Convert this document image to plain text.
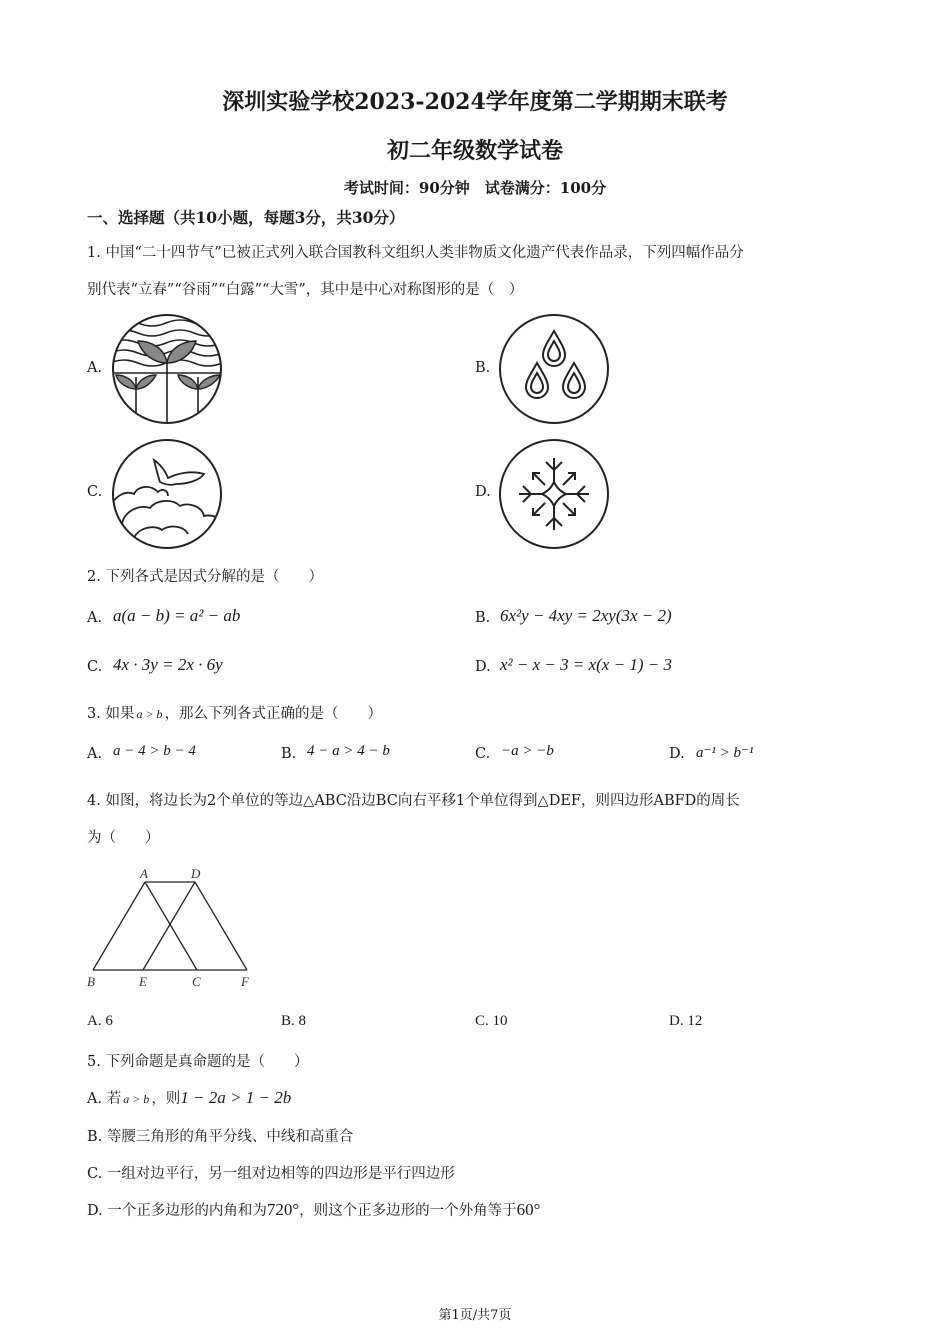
深圳实验学校2023-2024学年度第二学期期末联考
初二年级数学试卷
考试时间：90分钟　试卷满分：100分
一、选择题（共10小题，每题3分，共30分）
1. 中国“二十四节气”已被正式列入联合国教科文组织人类非物质文化遗产代表作品录，下列四幅作品分
别代表“立春”“谷雨”“白露”“大雪”，其中是中心对称图形的是（　）
A.	B.
C.	D.
2. 下列各式是因式分解的是（　　）
A. a(a − b) = a² − ab	B. 6x²y − 4xy = 2xy(3x − 2)
C. 4x · 3y = 2x · 6y	D. x² − x − 3 = x(x − 1) − 3
3. 如果 a > b ，那么下列各式正确的是（　　）
A. a − 4 > b − 4	B. 4 − a > 4 − b	C. −a > −b	D. a⁻¹ > b⁻¹
4. 如图，将边长为2个单位的等边△ABC沿边BC向右平移1个单位得到△DEF，则四边形ABFD的周长
为（　　）
A	D
B	E	C	F
A. 6	B. 8	C. 10	D. 12
5. 下列命题是真命题的是（　　）
A. 若 a > b ，则1 − 2a > 1 − 2b
B. 等腰三角形的角平分线、中线和高重合
C. 一组对边平行，另一组对边相等的四边形是平行四边形
D. 一个正多边形的内角和为720°，则这个正多边形的一个外角等于60°
第1页/共7页
